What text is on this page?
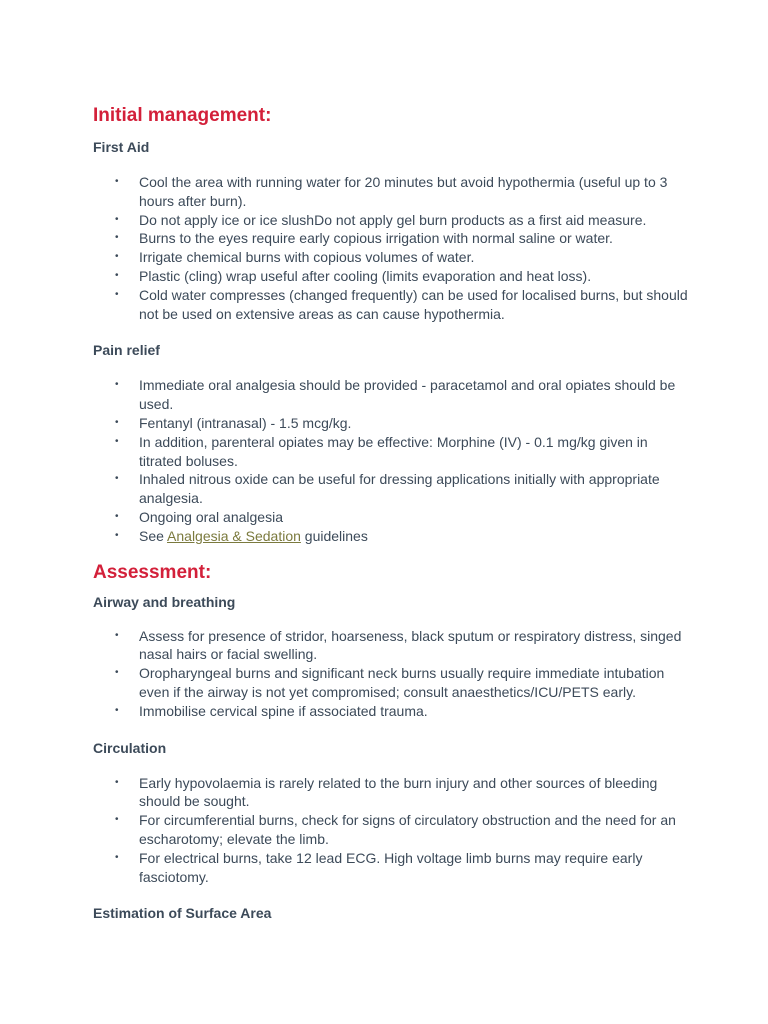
Initial management:
First Aid
• Cool the area with running water for 20 minutes but avoid hypothermia (useful up to 3 hours after burn).
• Do not apply ice or ice slushDo not apply gel burn products as a first aid measure.
• Burns to the eyes require early copious irrigation with normal saline or water.
• Irrigate chemical burns with copious volumes of water.
• Plastic (cling) wrap useful after cooling (limits evaporation and heat loss).
• Cold water compresses (changed frequently) can be used for localised burns, but should not be used on extensive areas as can cause hypothermia.
Pain relief
• Immediate oral analgesia should be provided - paracetamol and oral opiates should be used.
• Fentanyl (intranasal) - 1.5 mcg/kg.
• In addition, parenteral opiates may be effective: Morphine (IV) - 0.1 mg/kg given in titrated boluses.
• Inhaled nitrous oxide can be useful for dressing applications initially with appropriate analgesia.
• Ongoing oral analgesia
• See Analgesia & Sedation guidelines
Assessment:
Airway and breathing
• Assess for presence of stridor, hoarseness, black sputum or respiratory distress, singed nasal hairs or facial swelling.
• Oropharyngeal burns and significant neck burns usually require immediate intubation even if the airway is not yet compromised; consult anaesthetics/ICU/PETS early.
• Immobilise cervical spine if associated trauma.
Circulation
• Early hypovolaemia is rarely related to the burn injury and other sources of bleeding should be sought.
• For circumferential burns, check for signs of circulatory obstruction and the need for an escharotomy; elevate the limb.
• For electrical burns, take 12 lead ECG. High voltage limb burns may require early fasciotomy.
Estimation of Surface Area
